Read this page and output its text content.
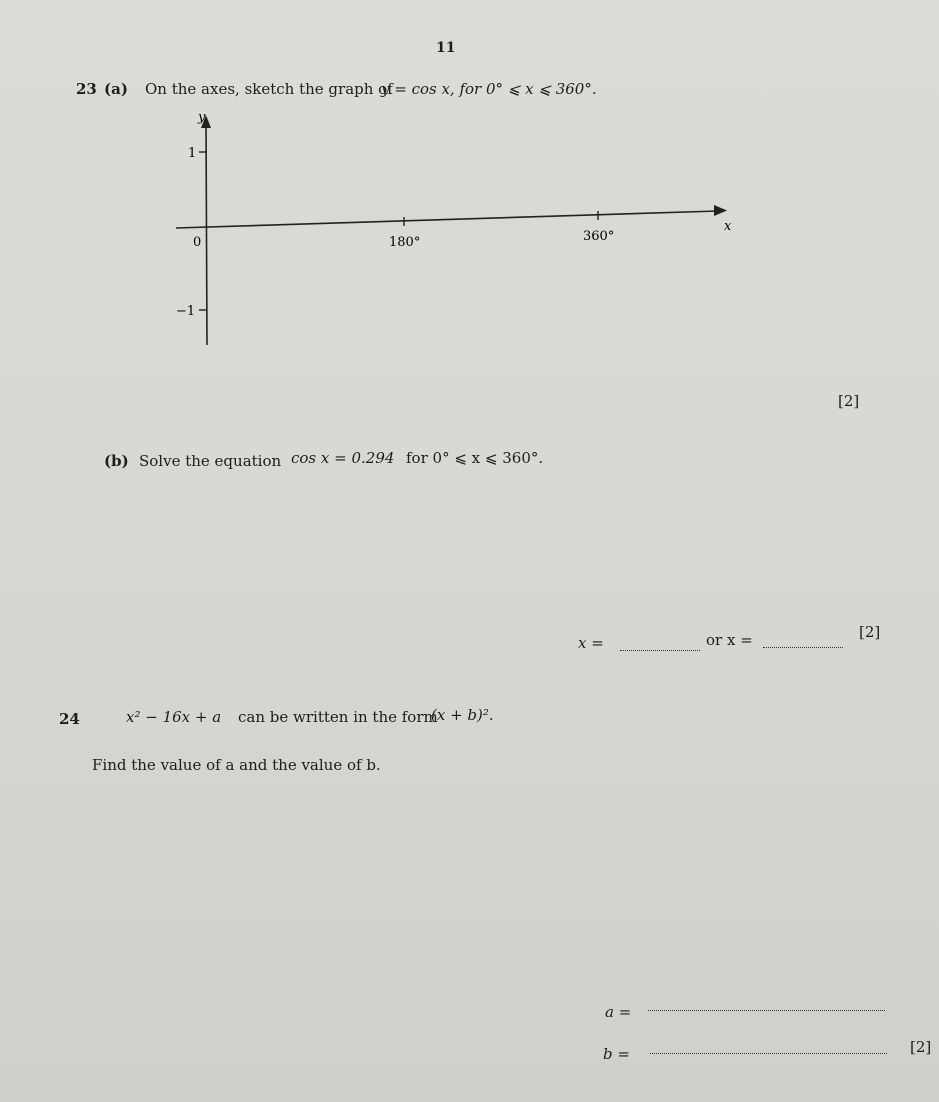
11
23 (a) On the axes, sketch the graph of
y = cos x, for 0° ⩽ x ⩽ 360°.
y
x
0
1
−1
180°	360°
[2]
(b) Solve the equation cos x = 0.294 for 0° ⩽ x ⩽ 360°.
x =	or x =	[2]
24	x² − 16x + a can be written in the form
(x + b)².
Find the value of a and the value of b.
a =
b =	[2]
